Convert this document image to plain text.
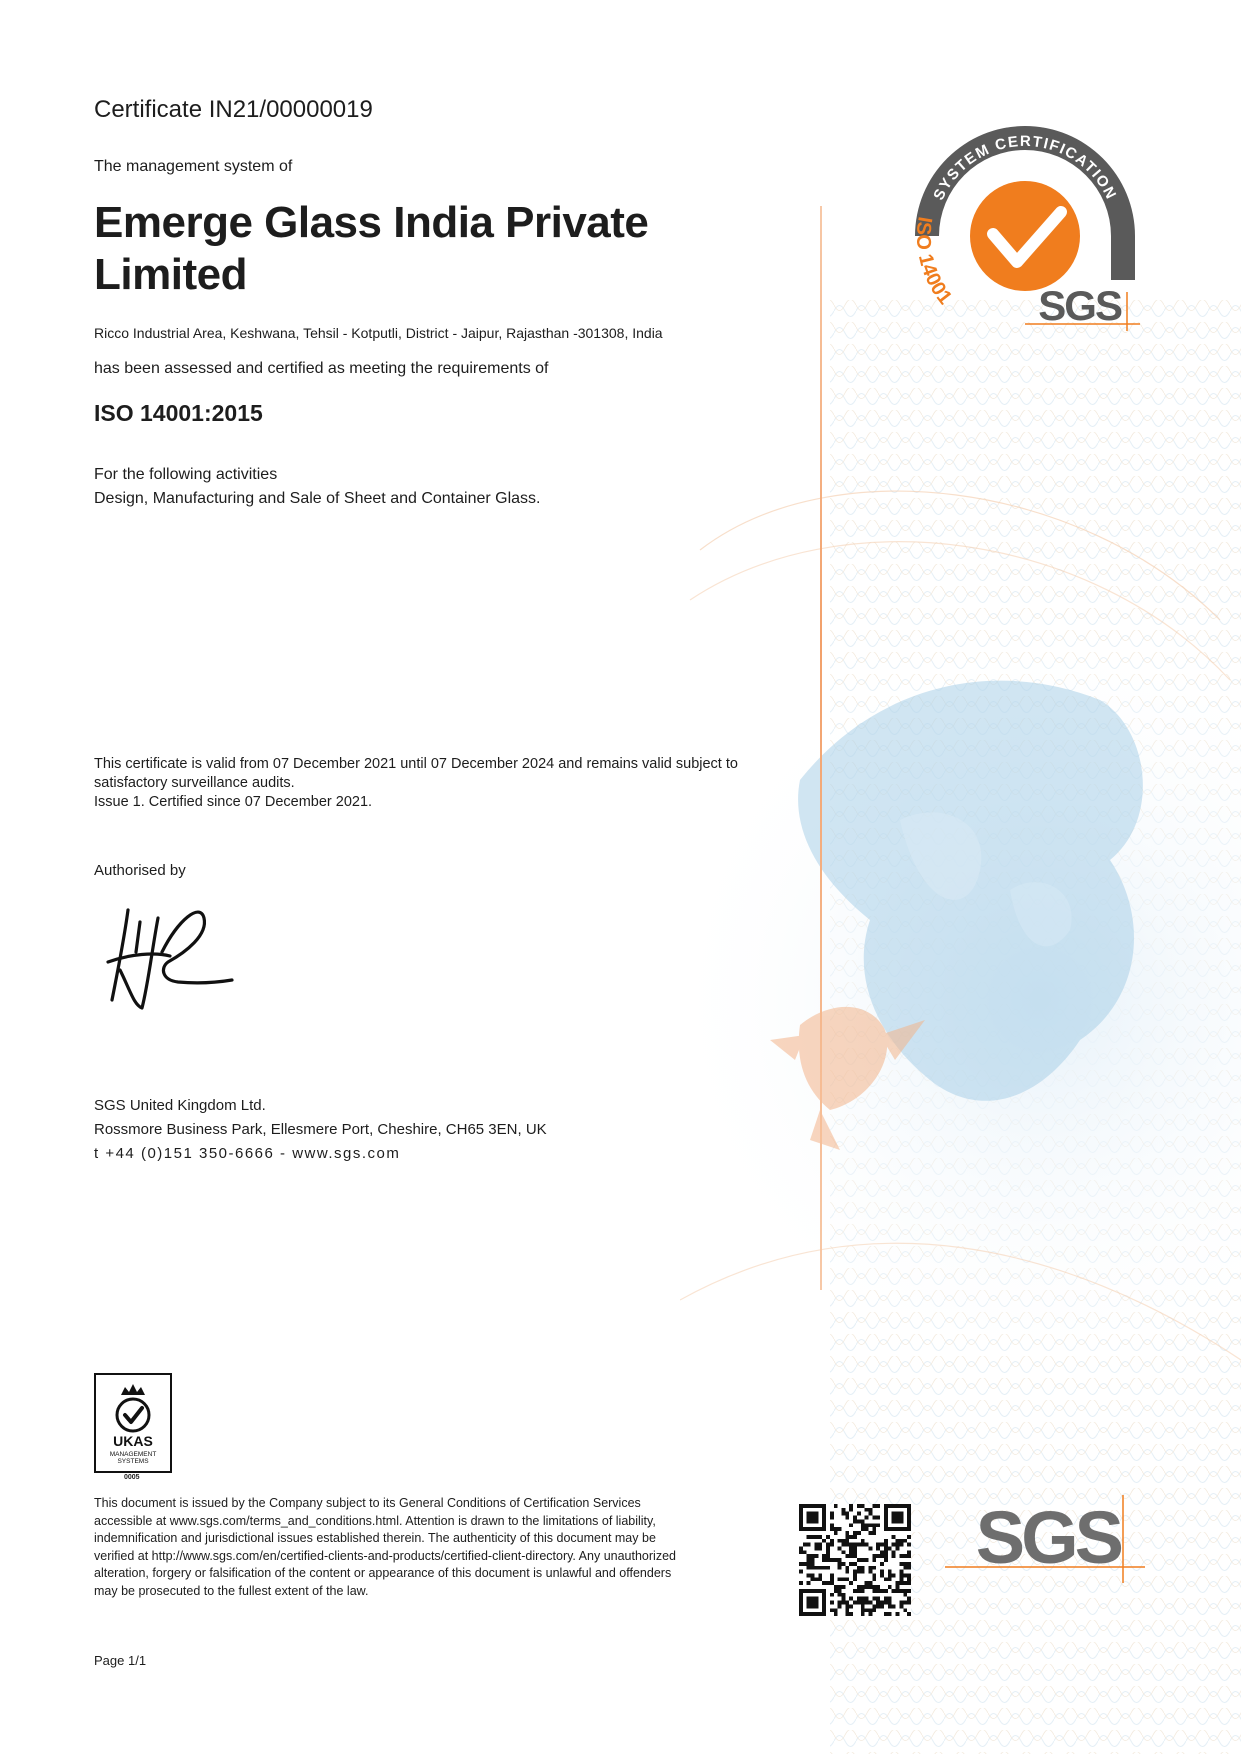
Certificate IN21/00000019
The management system of
Emerge Glass India Private Limited
Ricco Industrial Area, Keshwana, Tehsil - Kotputli, District - Jaipur, Rajasthan -301308, India
has been assessed and certified as meeting the requirements of
ISO 14001:2015
For the following activities
Design, Manufacturing and Sale of Sheet and Container Glass.
This certificate is valid from 07 December 2021 until 07 December 2024 and remains valid subject to
satisfactory surveillance audits.
Issue 1. Certified since 07 December 2021.
Authorised by
SGS United Kingdom Ltd.
Rossmore Business Park, Ellesmere Port, Cheshire, CH65 3EN, UK
t +44 (0)151 350-6666 - www.sgs.com
SYSTEM CERTIFICATION
ISO 14001 SGS
UKAS
MANAGEMENT
SYSTEMS
0005
This document is issued by the Company subject to its General Conditions of Certification Services
accessible at www.sgs.com/terms_and_conditions.html. Attention is drawn to the limitations of liability,
indemnification and jurisdictional issues established therein. The authenticity of this document may be
verified at http://www.sgs.com/en/certified-clients-and-products/certified-client-directory. Any unauthorized
alteration, forgery or falsification of the content or appearance of this document is unlawful and offenders
may be prosecuted to the fullest extent of the law.
SGS
Page 1/1
